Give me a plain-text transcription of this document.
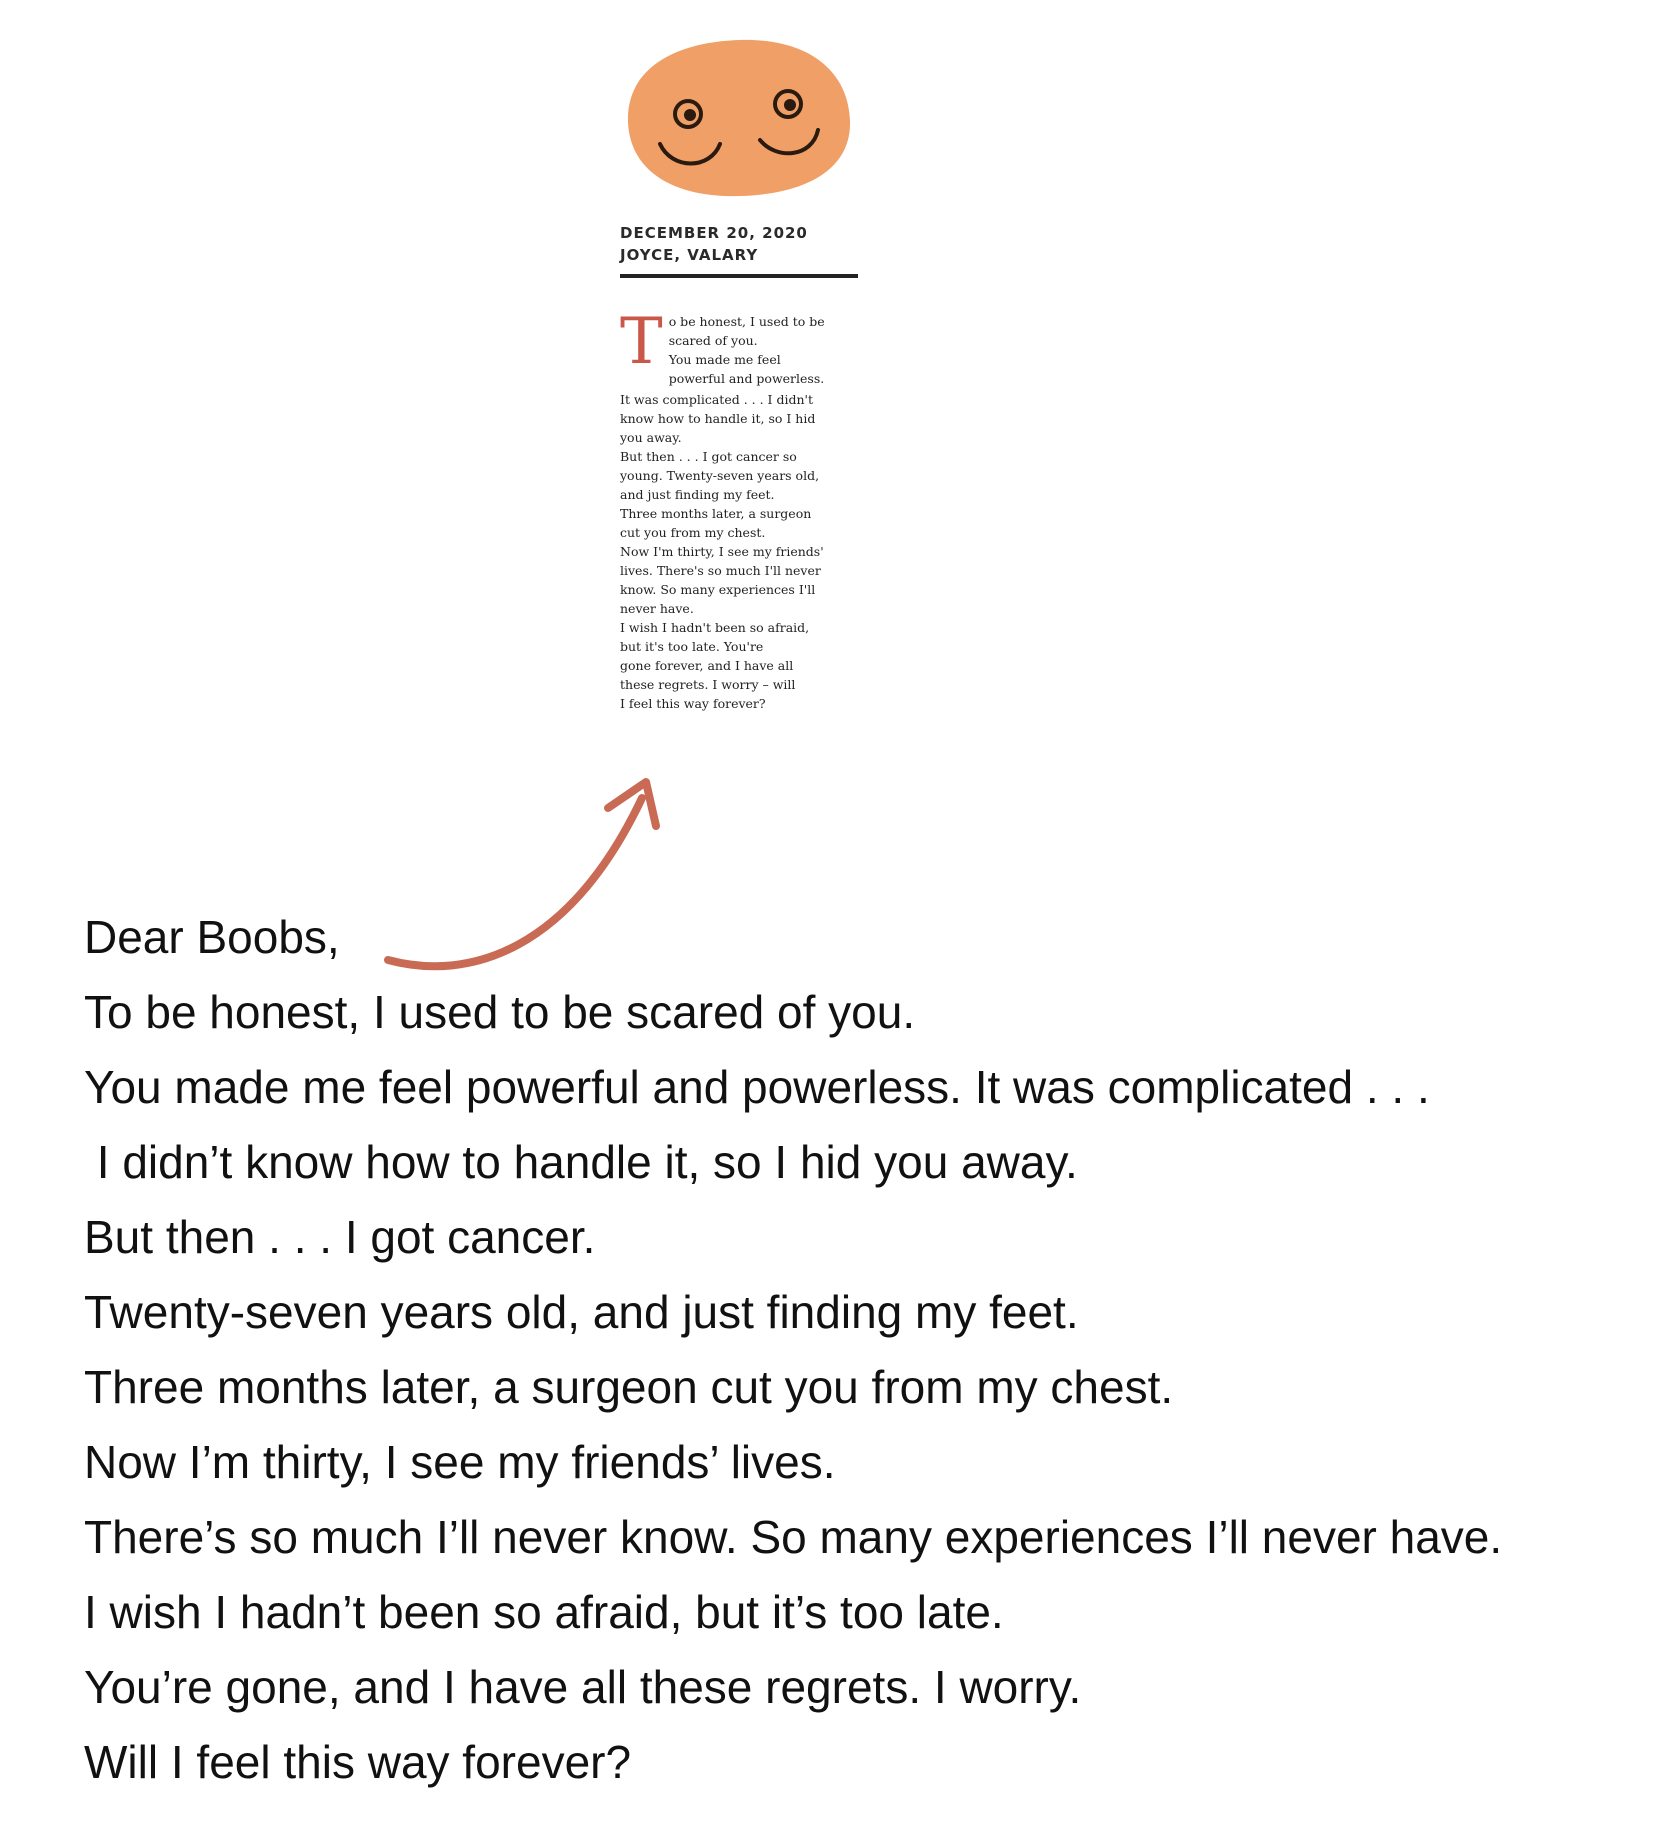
DECEMBER 20, 2020
JOYCE, VALARY
T o be honest, I used to be
scared of you.
You made me feel
powerful and powerless.
It was complicated . . . I didn't
know how to handle it, so I hid
you away.
But then . . . I got cancer so
young. Twenty-seven years old,
and just finding my feet.
Three months later, a surgeon
cut you from my chest.
Now I'm thirty, I see my friends'
lives. There's so much I'll never
know. So many experiences I'll
never have.
I wish I hadn't been so afraid,
but it's too late. You're
gone forever, and I have all
these regrets. I worry – will
I feel this way forever?
Dear Boobs,
To be honest, I used to be scared of you.
You made me feel powerful and powerless. It was complicated . . .
I didn’t know how to handle it, so I hid you away.
But then . . . I got cancer.
Twenty-seven years old, and just finding my feet.
Three months later, a surgeon cut you from my chest.
Now I’m thirty, I see my friends’ lives.
There’s so much I’ll never know. So many experiences I’ll never have.
I wish I hadn’t been so afraid, but it’s too late.
You’re gone, and I have all these regrets. I worry.
Will I feel this way forever?
